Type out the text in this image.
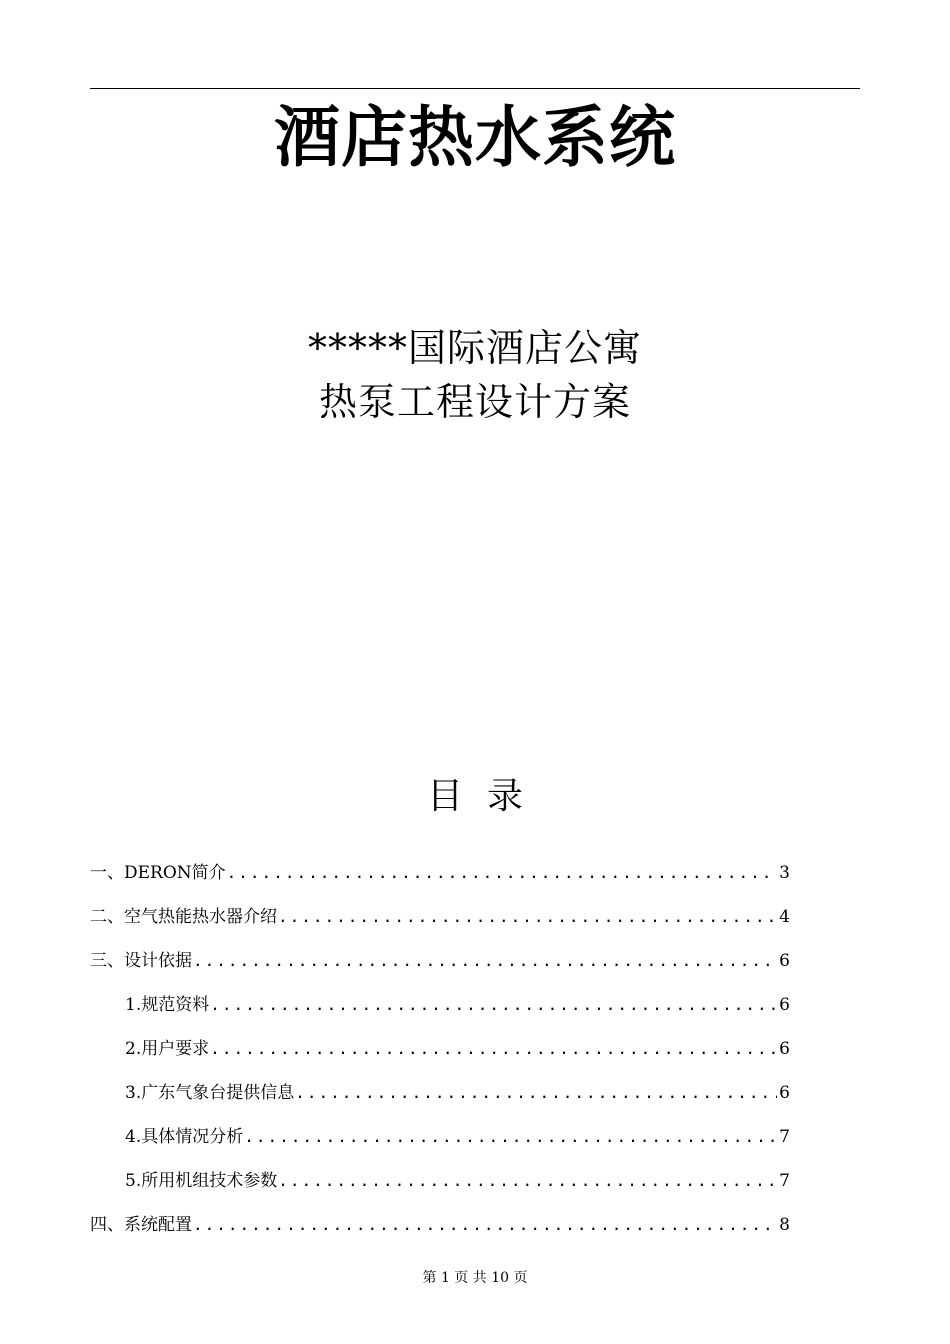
酒店热水系统
*****国际酒店公寓
热泵工程设计方案
目录
一、DERON简介 .....	3
二、空气热能热水器介绍 .....	4
三、设计依据 .....	6
1.规范资料 .....	6
2.用户要求 .....	6
3.广东气象台提供信息 .....	6
4.具体情况分析 .....	7
5.所用机组技术参数 .....	7
四、系统配置 .....	8
第 1 页 共 10 页
